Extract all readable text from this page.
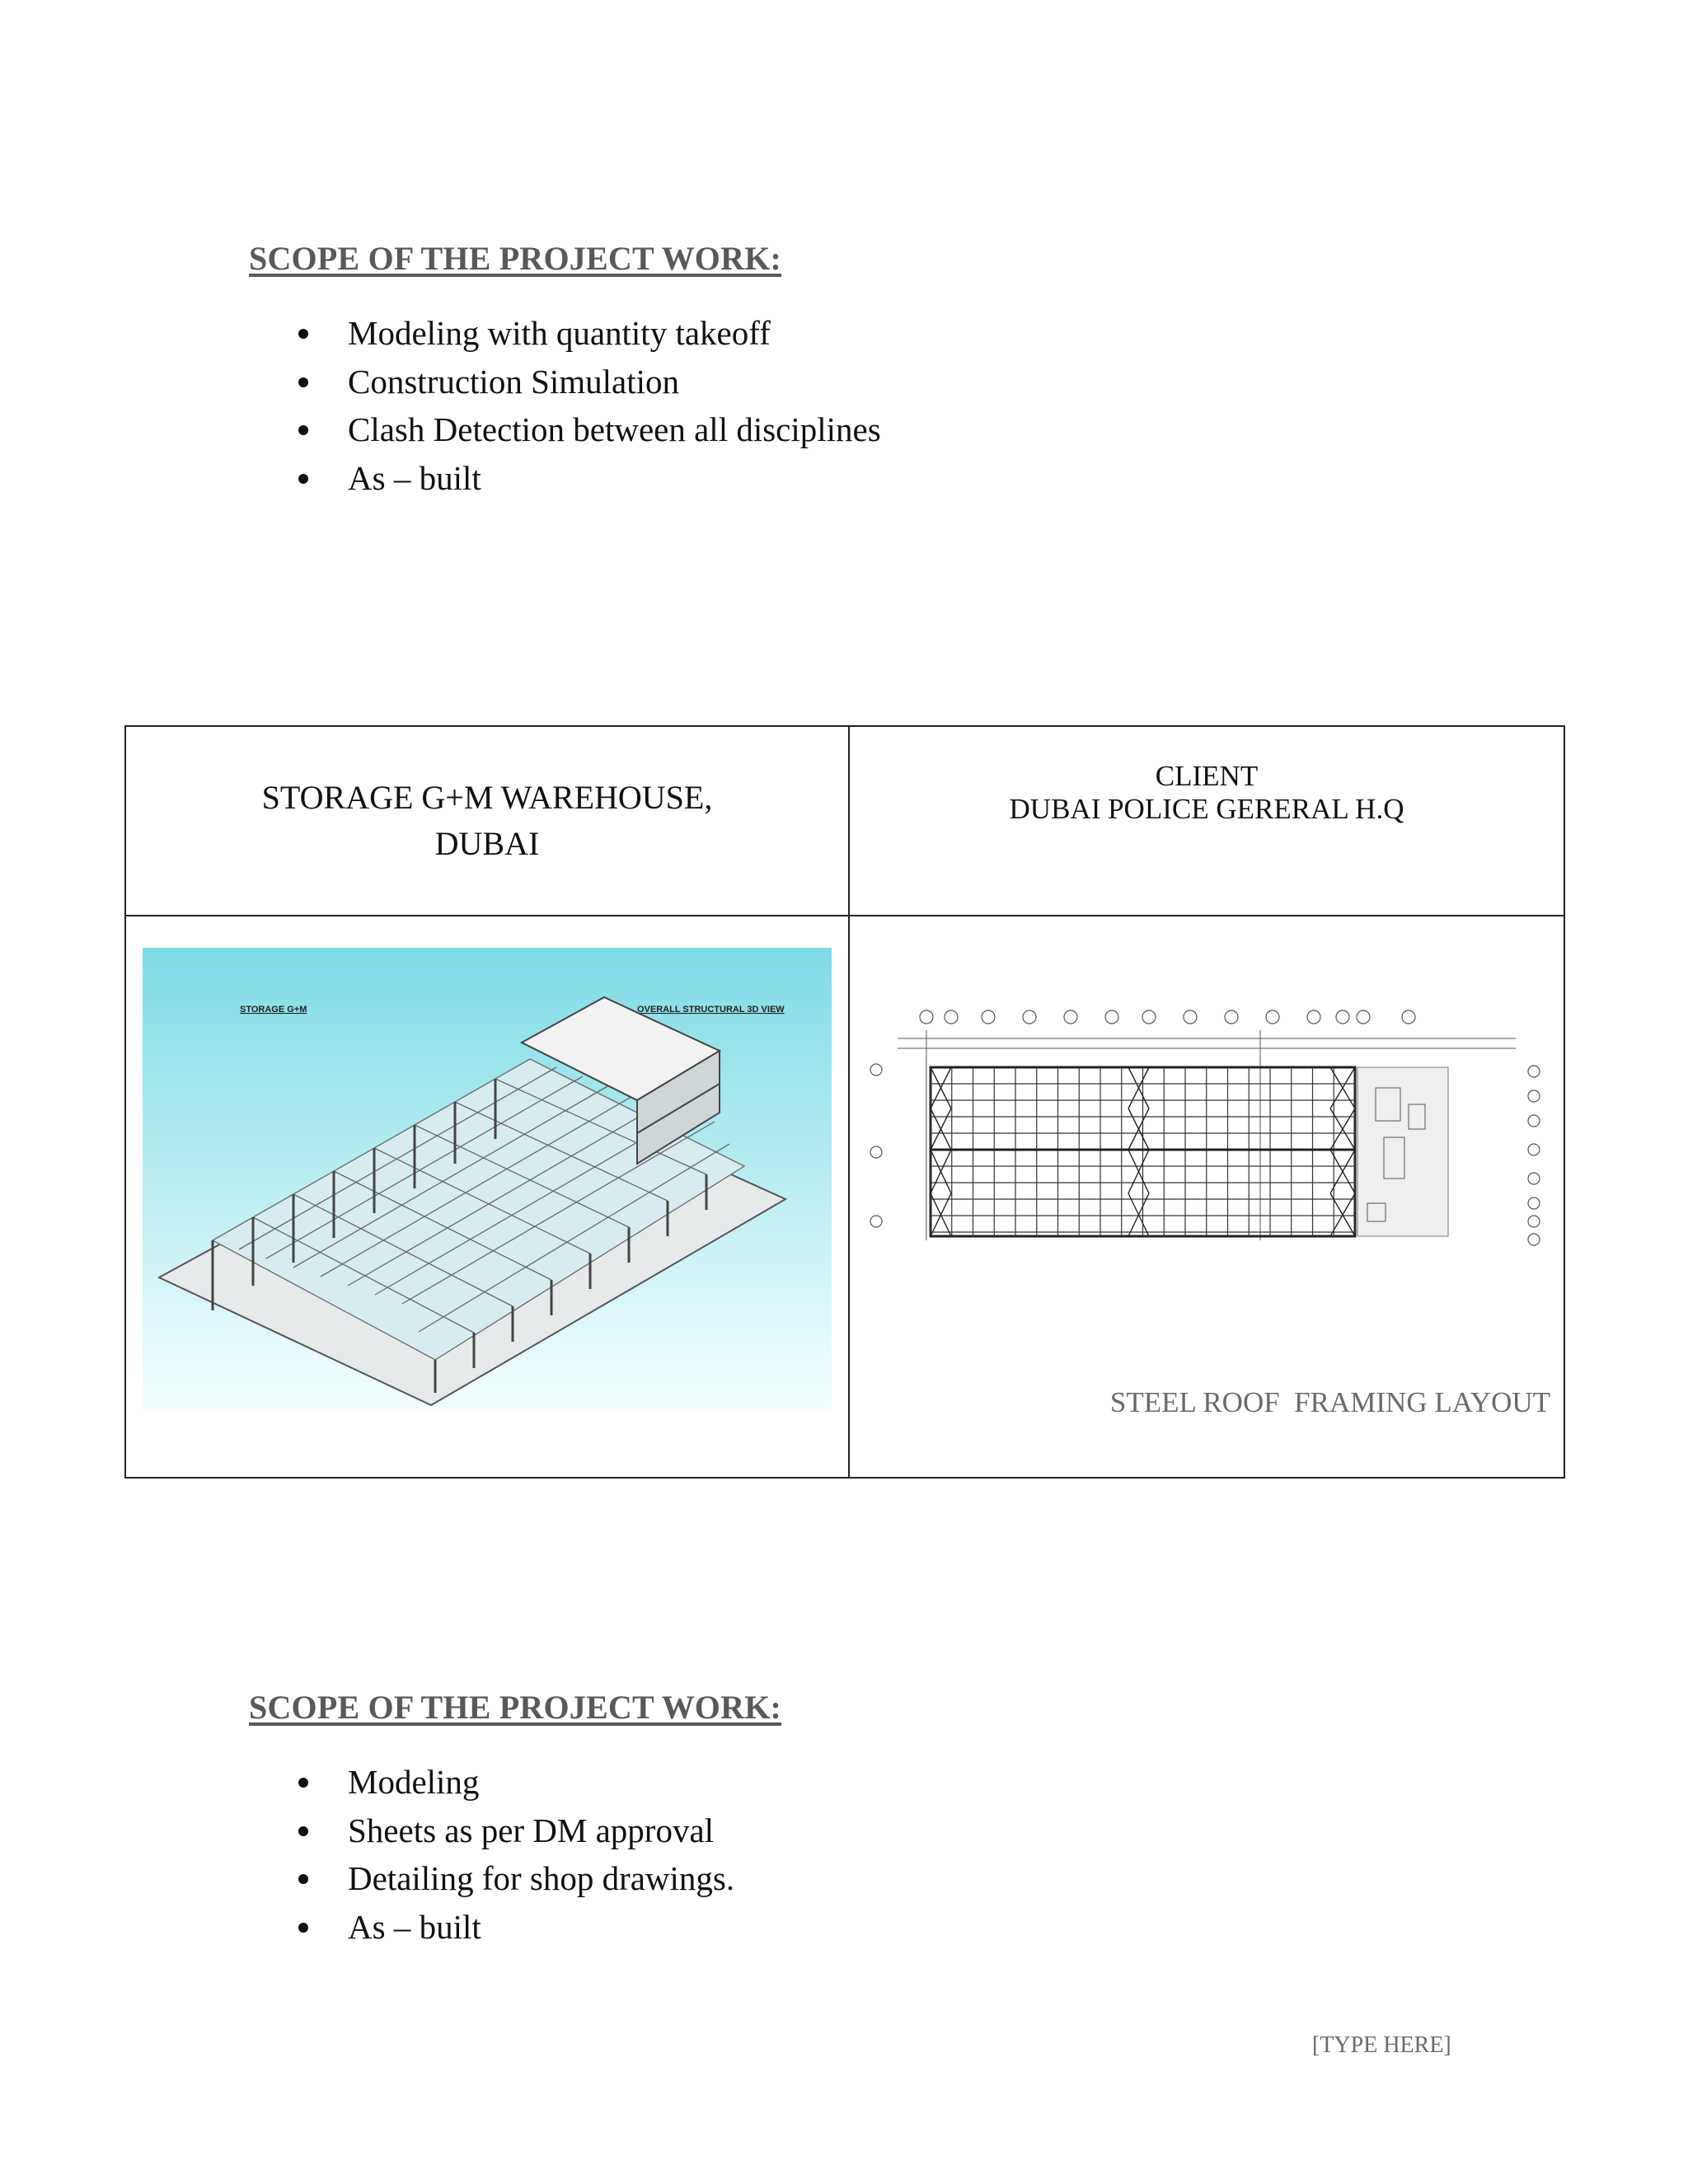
SCOPE OF THE PROJECT WORK:
Modeling with quantity takeoff
Construction Simulation
Clash Detection between all disciplines
As – built
STORAGE G+M WAREHOUSE,
DUBAI
CLIENT
DUBAI POLICE GERERAL H.Q
STORAGE G+M	OVERALL STRUCTURAL 3D VIEW
STEEL ROOF  FRAMING LAYOUT
SCOPE OF THE PROJECT WORK:
Modeling
Sheets as per DM approval
Detailing for shop drawings.
As – built
[TYPE HERE]
